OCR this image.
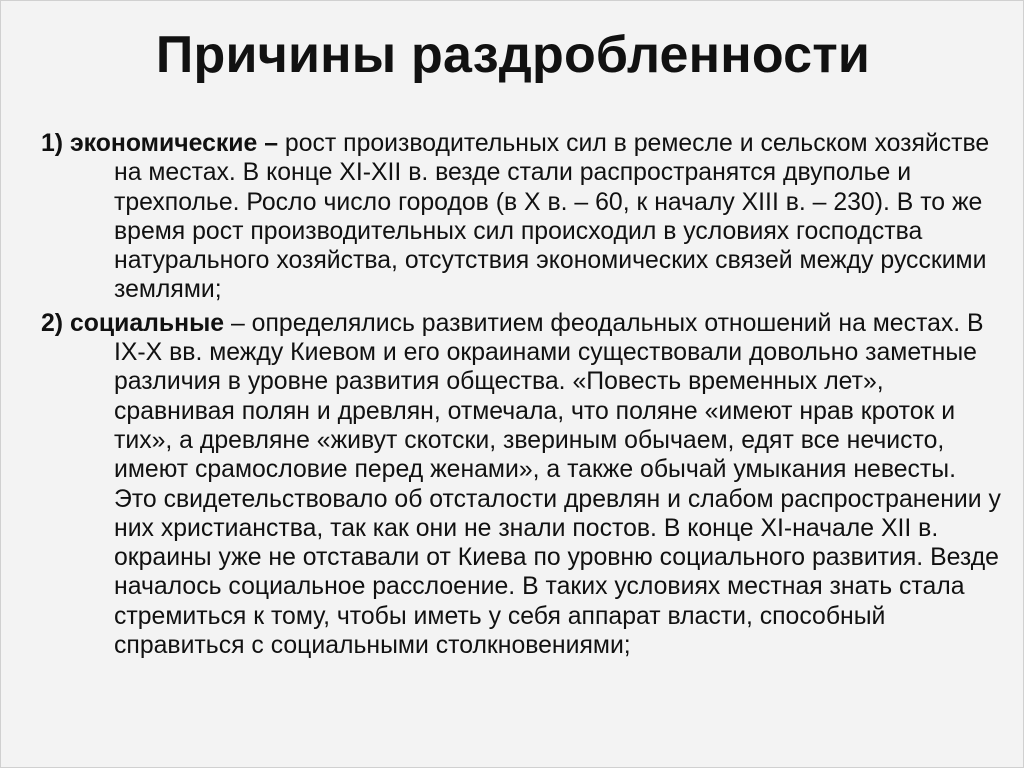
Причины раздробленности

1) экономические – рост производительных сил в ремесле и сельском хозяйстве на местах. В конце XI-XII в. везде стали распространятся двуполье и трехполье. Росло число городов (в X в. – 60, к началу XIII в. – 230). В то же время рост производительных сил происходил в условиях господства натурального хозяйства, отсутствия экономических связей между русскими землями;

2) социальные – определялись развитием феодальных отношений на местах. В IX-X вв. между Киевом и его окраинами существовали довольно заметные различия в уровне развития общества. «Повесть временных лет», сравнивая полян и древлян, отмечала, что поляне «имеют нрав кроток и тих», а древляне «живут скотски, звериным обычаем, едят все нечисто, имеют срамословие перед женами», а также обычай умыкания невесты. Это свидетельствовало об отсталости древлян и слабом распространении у них христианства, так как они не знали постов. В конце XI-начале XII в. окраины уже не отставали от Киева по уровню социального развития. Везде началось социальное расслоение. В таких условиях местная знать стала стремиться к тому, чтобы иметь у себя аппарат власти, способный справиться с социальными столкновениями;
